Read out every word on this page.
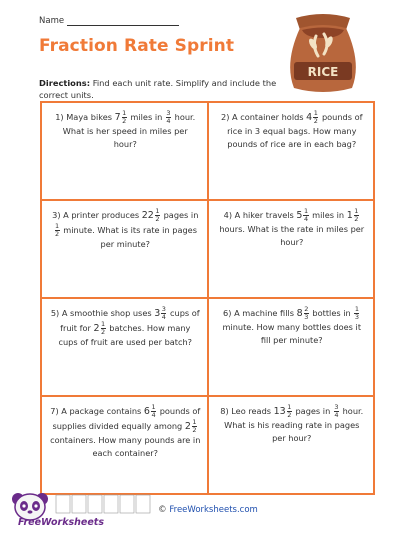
Name
Fraction Rate Sprint
Directions: Find each unit rate. Simplify and include the correct units.
RICE
1) Maya bikes $7 \frac{1}{2}$ miles in $\frac{3}{4}$ hour. What is her speed in miles per hour?
2) A container holds $4 \frac{1}{2}$ pounds of rice in 3 equal bags. How many pounds of rice are in each bag?
3) A printer produces $22 \frac{1}{2}$ pages in
$\frac{1}{2}$ minute. What is its rate in pages per minute?
4) A hiker travels $5 \frac{1}{4}$ miles in $1 \frac{1}{2}$
hours. What is the rate in miles per hour?
5) A smoothie shop uses $3 \frac{3}{4}$ cups of fruit for $2 \frac{1}{2}$ batches. How many cups of fruit are used per batch?
6) A machine fills $8 \frac{2}{3}$ bottles in $\frac{1}{3}$
minute. How many bottles does it fill per minute?
7) A package contains $6 \frac{1}{4}$ pounds of supplies divided equally among $2 \frac{1}{2}$
containers. How many pounds are in each container?
8) Leo reads $13 \frac{1}{2}$ pages in $\frac{3}{4}$ hour. What is his reading rate in pages per hour?
FreeWorksheets
© FreeWorksheets.com
